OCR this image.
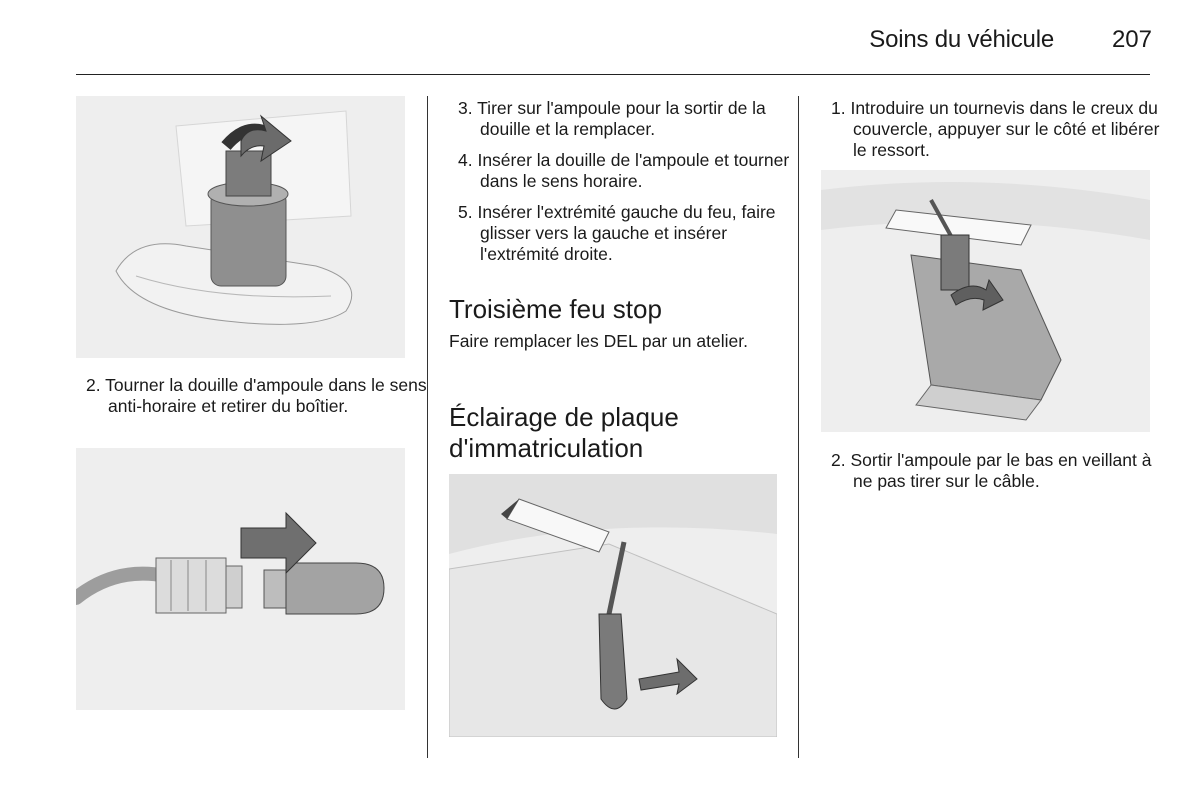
Soins du véhicule 207
2. Tourner la douille d'ampoule dans le sens anti-horaire et retirer du boîtier.
3. Tirer sur l'ampoule pour la sortir de la douille et la remplacer.
4. Insérer la douille de l'ampoule et tourner dans le sens horaire.
5. Insérer l'extrémité gauche du feu, faire glisser vers la gauche et insérer l'extrémité droite.
Troisième feu stop
Faire remplacer les DEL par un atelier.
Éclairage de plaque
d'immatriculation
1. Introduire un tournevis dans le creux du couvercle, appuyer sur le côté et libérer le ressort.
2. Sortir l'ampoule par le bas en veillant à ne pas tirer sur le câble.
